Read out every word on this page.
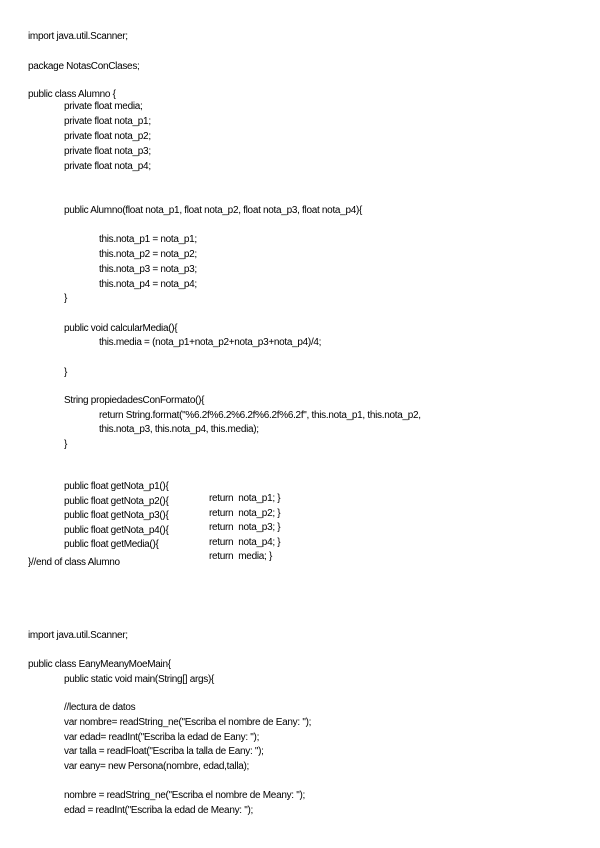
import java.util.Scanner;
package NotasConClases;
public class Alumno {
private float media;
private float nota_p1;
private float nota_p2;
private float nota_p3;
private float nota_p4;
public Alumno(float nota_p1, float nota_p2, float nota_p3, float nota_p4){
this.nota_p1 = nota_p1;
this.nota_p2 = nota_p2;
this.nota_p3 = nota_p3;
this.nota_p4 = nota_p4;
}
public void calcularMedia(){
this.media = (nota_p1+nota_p2+nota_p3+nota_p4)/4;
}
String propiedadesConFormato(){
return String.format("%6.2f%6.2%6.2f%6.2f%6.2f", this.nota_p1, this.nota_p2,
this.nota_p3, this.nota_p4, this.media);
}

public float getNota_p1(){

return  nota_p1; }

public float getNota_p2(){

return  nota_p2; }

public float getNota_p3(){

return  nota_p3; }

public float getNota_p4(){

return  nota_p4; }

public float getMedia(){

return  media; }

}//end of class Alumno
import java.util.Scanner;
public class EanyMeanyMoeMain{
public static void main(String[] args){
//lectura de datos
var nombre= readString_ne("Escriba el nombre de Eany: ");
var edad= readInt("Escriba la edad de Eany: ");
var talla = readFloat("Escriba la talla de Eany: ");
var eany= new Persona(nombre, edad,talla);
nombre = readString_ne("Escriba el nombre de Meany: ");
edad = readInt("Escriba la edad de Meany: ");
